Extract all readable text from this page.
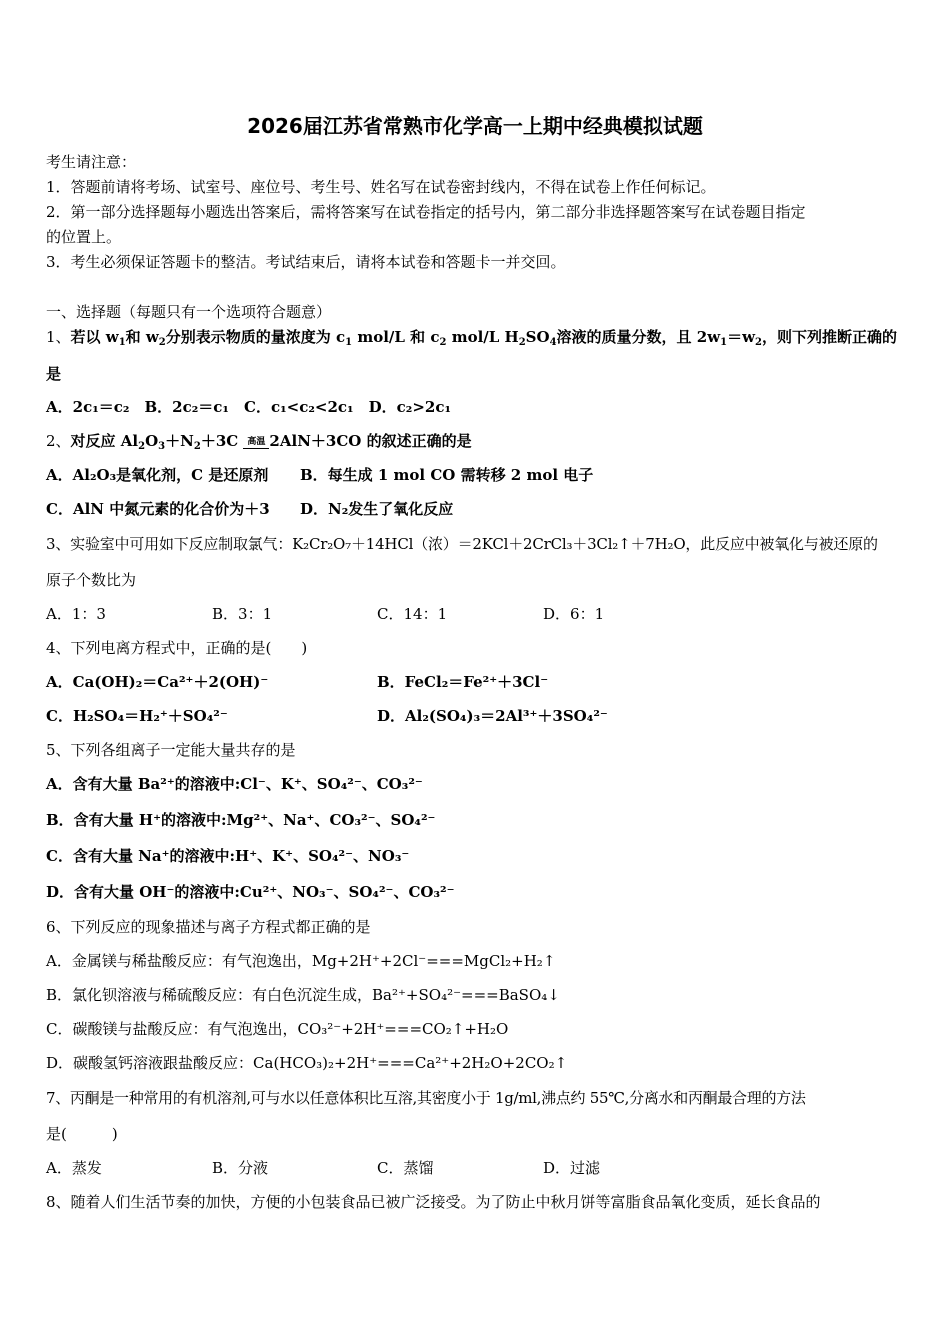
2026届江苏省常熟市化学高一上期中经典模拟试题
考生请注意：
1．答题前请将考场、试室号、座位号、考生号、姓名写在试卷密封线内，不得在试卷上作任何标记。
2．第一部分选择题每小题选出答案后，需将答案写在试卷指定的括号内，第二部分非选择题答案写在试卷题目指定
的位置上。
3．考生必须保证答题卡的整洁。考试结束后，请将本试卷和答题卡一并交回。
一、选择题（每题只有一个选项符合题意）
1、若以 $w_1$和 $w_2$分别表示物质的量浓度为 $c_1$ mol/L 和 $c_2$ mol/L $H_2SO_4$溶液的质量分数，且 $2w_1=w_2$，则下列推断正确的
是
A．2c₁＝c₂　B．2c₂＝c₁　C．c₁<c₂<2c₁　D．c₂>2c₁
2、对反应 $Al_2O_3+N_2+3C$ 高温 2AlN＋3CO 的叙述正确的是
A．Al₂O₃是氧化剂，C 是还原剂 B．每生成 1 mol CO 需转移 2 mol 电子
C．AlN 中氮元素的化合价为＋3 D．N₂发生了氧化反应
3、实验室中可用如下反应制取氯气：K₂Cr₂O₇＋14HCl（浓）＝2KCl＋2CrCl₃＋3Cl₂↑＋7H₂O，此反应中被氧化与被还原的
原子个数比为
A．1：3	B．3：1	C．14：1	D．6：1
4、下列电离方程式中，正确的是(　　)
A．Ca(OH)₂＝Ca²⁺＋2(OH)⁻	B．FeCl₂＝Fe²⁺＋3Cl⁻
C．H₂SO₄＝H₂⁺＋SO₄²⁻	D．Al₂(SO₄)₃＝2Al³⁺＋3SO₄²⁻
5、下列各组离子一定能大量共存的是
A．含有大量 Ba²⁺的溶液中:Cl⁻、K⁺、SO₄²⁻、CO₃²⁻
B．含有大量 H⁺的溶液中:Mg²⁺、Na⁺、CO₃²⁻、SO₄²⁻
C．含有大量 Na⁺的溶液中:H⁺、K⁺、SO₄²⁻、NO₃⁻
D．含有大量 OH⁻的溶液中:Cu²⁺、NO₃⁻、SO₄²⁻、CO₃²⁻
6、下列反应的现象描述与离子方程式都正确的是
A．金属镁与稀盐酸反应：有气泡逸出，Mg+2H⁺+2Cl⁻===MgCl₂+H₂↑
B．氯化钡溶液与稀硫酸反应：有白色沉淀生成，Ba²⁺+SO₄²⁻===BaSO₄↓
C．碳酸镁与盐酸反应：有气泡逸出，CO₃²⁻+2H⁺===CO₂↑+H₂O
D．碳酸氢钙溶液跟盐酸反应：Ca(HCO₃)₂+2H⁺===Ca²⁺+2H₂O+2CO₂↑
7、丙酮是一种常用的有机溶剂,可与水以任意体积比互溶,其密度小于 1g/ml,沸点约 55℃,分离水和丙酮最合理的方法
是(　　　)
A．蒸发	B．分液	C．蒸馏	D．过滤
8、随着人们生活节奏的加快，方便的小包装食品已被广泛接受。为了防止中秋月饼等富脂食品氧化变质，延长食品的
